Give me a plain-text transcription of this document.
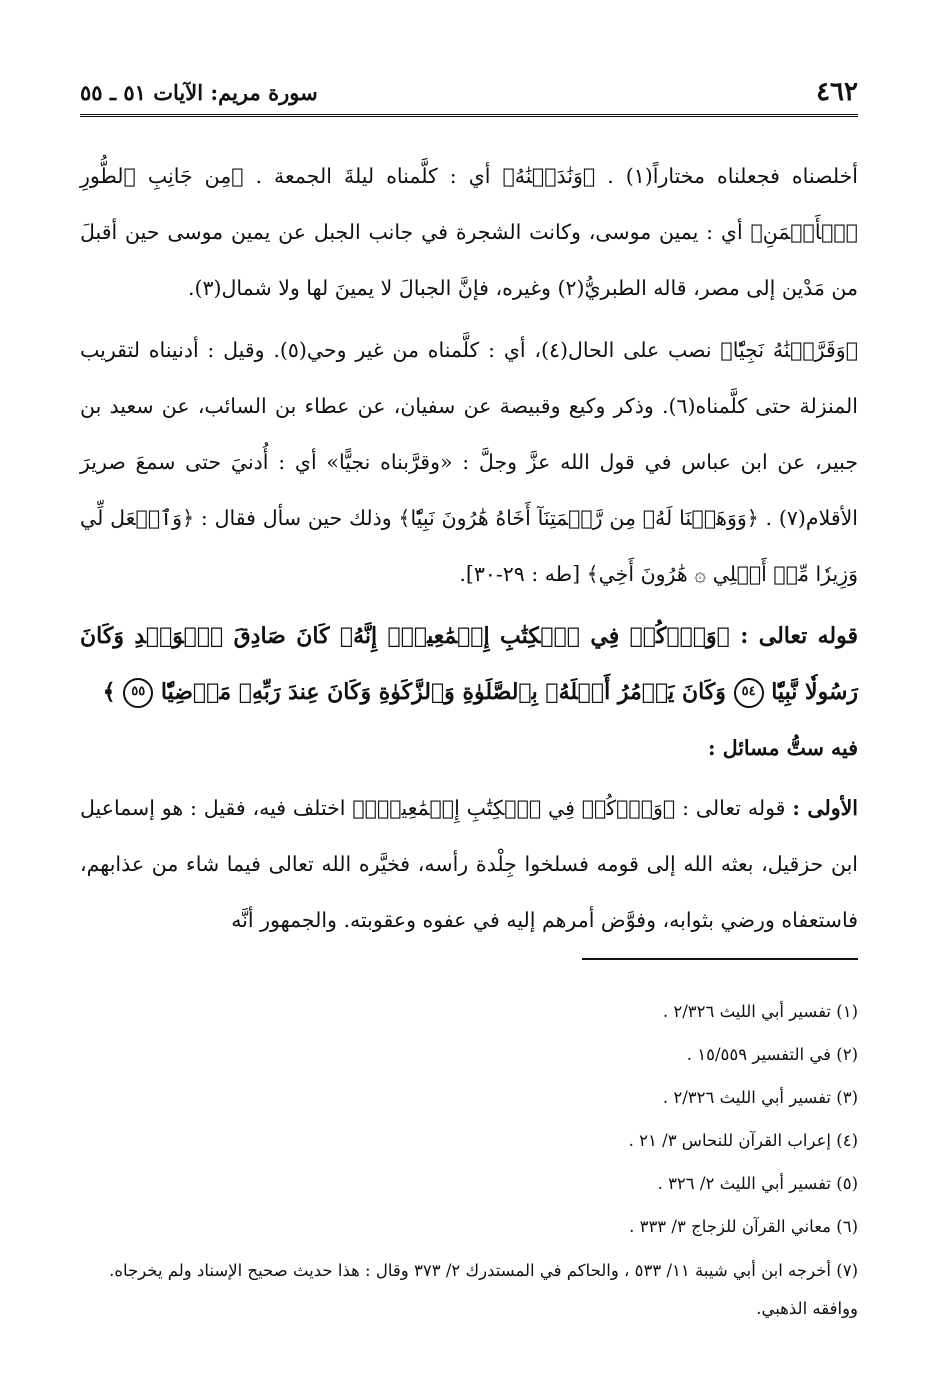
٤٦٢
سورة مريم: الآيات ٥١ ـ ٥٥

أخلصناه فجعلناه مختاراً(١) . ﴿وَنَٰدَيۡنَٰهُ﴾ أي : كلَّمناه ليلةَ الجمعة . ﴿مِن جَانِبِ ٱلطُّورِ ٱلۡأَيۡمَنِ﴾ أي : يمين موسى، وكانت الشجرة في جانب الجبل عن يمين موسى حين أقبلَ من مَدْين إلى مصر، قاله الطبريُّ(٢) وغيره، فإنَّ الجبالَ لا يمينَ لها ولا شمال(٣).

﴿وَقَرَّبۡنَٰهُ نَجِيّٗا﴾ نصب على الحال(٤)، أي : كلَّمناه من غير وحي(٥). وقيل : أدنيناه لتقريب المنزلة حتى كلَّمناه(٦). وذكر وكيع وقبيصة عن سفيان، عن عطاء بن السائب، عن سعيد بن جبير، عن ابن عباس في قول الله عزَّ وجلَّ : «وقرَّبناه نجيًّا» أي : أُدنيَ حتى سمعَ صريرَ الأقلام(٧) . ﴿وَوَهَبۡنَا لَهُۥ مِن رَّحۡمَتِنَآ أَخَاهُ هَٰرُونَ نَبِيّٗا﴾ وذلك حين سأل فقال : ﴿وَٱجۡعَل لِّي وَزِيرٗا مِّنۡ أَهۡلِي ۞ هَٰرُونَ أَخِي﴾ [طه : ٢٩-٣٠].

قوله تعالى : ﴿وَٱذۡكُرۡ فِي ٱلۡكِتَٰبِ إِسۡمَٰعِيلَۚ إِنَّهُۥ كَانَ صَادِقَ ٱلۡوَعۡدِ وَكَانَ رَسُولٗا نَّبِيّٗا ٥٤ وَكَانَ يَأۡمُرُ أَهۡلَهُۥ بِٱلصَّلَوٰةِ وَٱلزَّكَوٰةِ وَكَانَ عِندَ رَبِّهِۦ مَرۡضِيّٗا ٥٥ ﴾

فيه ستُّ مسائل :

الأولى : قوله تعالى : ﴿وَٱذۡكُرۡ فِي ٱلۡكِتَٰبِ إِسۡمَٰعِيلَۚ﴾ اختلف فيه، فقيل : هو إسماعيل ابن حزقيل، بعثه الله إلى قومه فسلخوا جِلْدة رأسه، فخيَّره الله تعالى فيما شاء من عذابهم، فاستعفاه ورضي بثوابه، وفوَّض أمرهم إليه في عفوه وعقوبته. والجمهور أنَّه

(١) تفسير أبي الليث ٢/٣٢٦ .

(٢) في التفسير ١٥/٥٥٩ .

(٣) تفسير أبي الليث ٢/٣٢٦ .

(٤) إعراب القرآن للنحاس ٣/ ٢١ .

(٥) تفسير أبي الليث ٢/ ٣٢٦ .

(٦) معاني القرآن للزجاج ٣/ ٣٣٣ .

(٧) أخرجه ابن أبي شيبة ١١/ ٥٣٣ ، والحاكم في المستدرك ٢/ ٣٧٣ وقال : هذا حديث صحيح الإسناد ولم يخرجاه. ووافقه الذهبي.
